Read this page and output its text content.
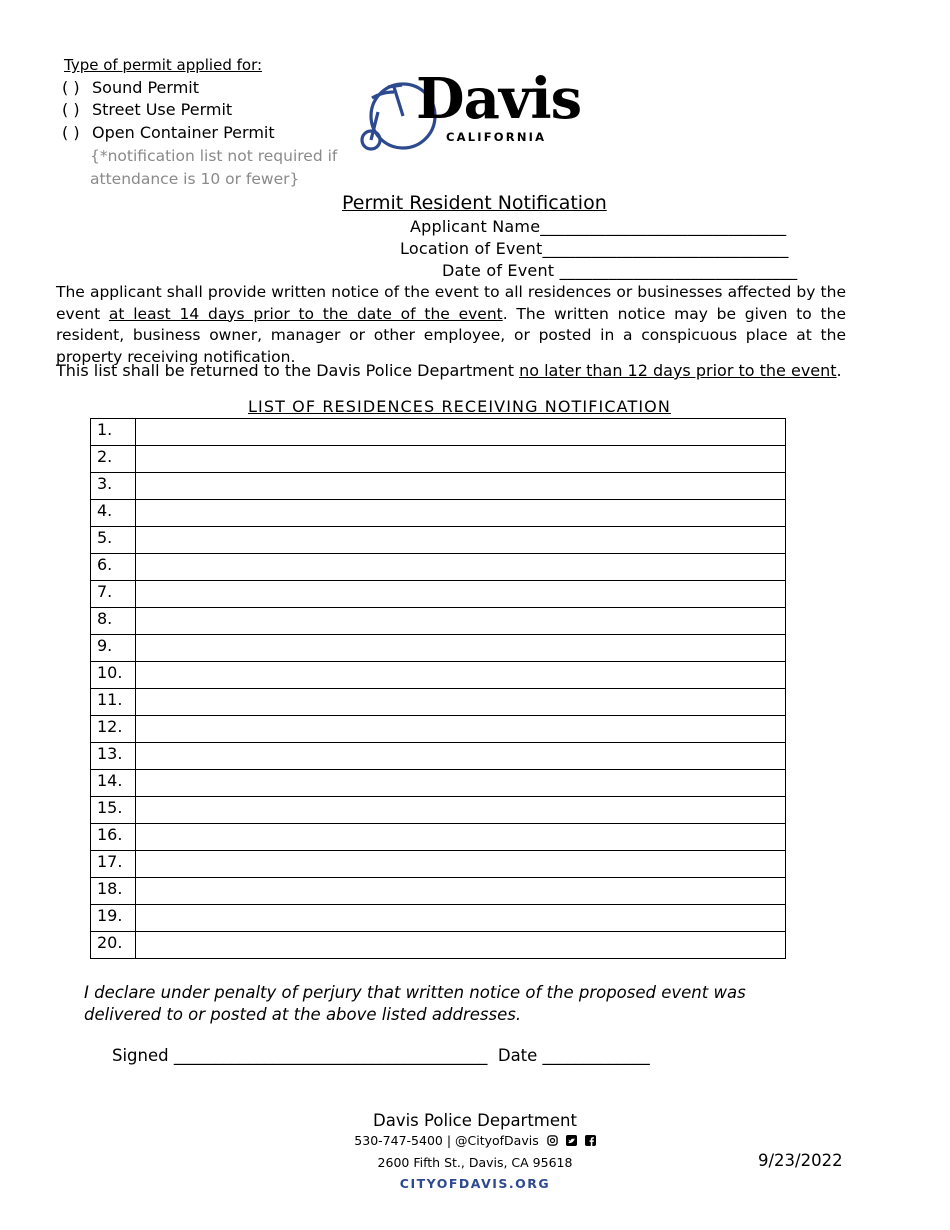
Type of permit applied for:
( ) Sound Permit
( ) Street Use Permit
( ) Open Container Permit
{*notification list not required if attendance is 10 or fewer}
Davis
CALIFORNIA
Permit Resident Notification
Applicant Name______________________________
Location of Event______________________________
Date of Event _____________________________
The applicant shall provide written notice of the event to all residences or businesses affected by the event at least 14 days prior to the date of the event. The written notice may be given to the resident, business owner, manager or other employee, or posted in a conspicuous place at the property receiving notification.
This list shall be returned to the Davis Police Department no later than 12 days prior to the event.
LIST OF RESIDENCES RECEIVING NOTIFICATION
1.	
2.	
3.	
4.	
5.	
6.	
7.	
8.	
9.	
10.	
11.	
12.	
13.	
14.	
15.	
16.	
17.	
18.	
19.	
20.	
I declare under penalty of perjury that written notice of the proposed event was delivered to or posted at the above listed addresses.
Signed ______________________________________ Date _____________
Davis Police Department
530-747-5400 | @CityofDavis
2600 Fifth St., Davis, CA 95618
CITYOFDAVIS.ORG
9/23/2022
